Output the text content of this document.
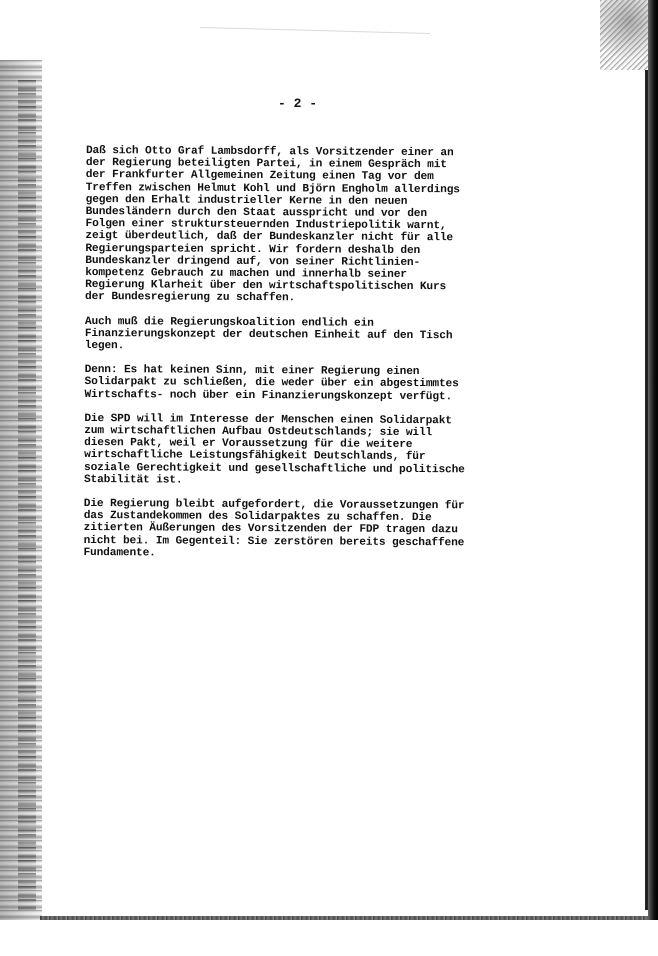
- 2 -

Daß sich Otto Graf Lambsdorff, als Vorsitzender einer an
der Regierung beteiligten Partei, in einem Gespräch mit
der Frankfurter Allgemeinen Zeitung einen Tag vor dem
Treffen zwischen Helmut Kohl und Björn Engholm allerdings
gegen den Erhalt industrieller Kerne in den neuen
Bundesländern durch den Staat ausspricht und vor den
Folgen einer struktursteuernden Industriepolitik warnt,
zeigt überdeutlich, daß der Bundeskanzler nicht für alle
Regierungsparteien spricht. Wir fordern deshalb den
Bundeskanzler dringend auf, von seiner Richtlinien-
kompetenz Gebrauch zu machen und innerhalb seiner
Regierung Klarheit über den wirtschaftspolitischen Kurs
der Bundesregierung zu schaffen.

Auch muß die Regierungskoalition endlich ein
Finanzierungskonzept der deutschen Einheit auf den Tisch
legen.

Denn: Es hat keinen Sinn, mit einer Regierung einen
Solidarpakt zu schließen, die weder über ein abgestimmtes
Wirtschafts- noch über ein Finanzierungskonzept verfügt.

Die SPD will im Interesse der Menschen einen Solidarpakt
zum wirtschaftlichen Aufbau Ostdeutschlands; sie will
diesen Pakt, weil er Voraussetzung für die weitere
wirtschaftliche Leistungsfähigkeit Deutschlands, für
soziale Gerechtigkeit und gesellschaftliche und politische
Stabilität ist.

Die Regierung bleibt aufgefordert, die Voraussetzungen für
das Zustandekommen des Solidarpaktes zu schaffen. Die
zitierten Äußerungen des Vorsitzenden der FDP tragen dazu
nicht bei. Im Gegenteil: Sie zerstören bereits geschaffene
Fundamente.
